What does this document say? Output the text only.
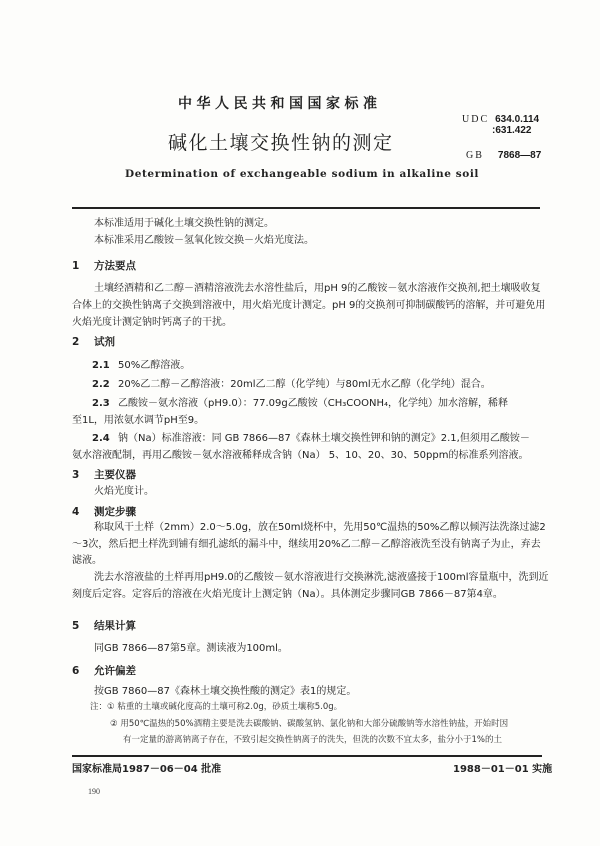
中华人民共和国国家标准
碱化土壤交换性钠的测定
Determination of exchangeable sodium in alkaline soil
UDC 634.0.114
:631.422
GB 7868—87
本标准适用于碱化土壤交换性钠的测定。
本标准采用乙酸铵－氢氧化铵交换－火焰光度法。
1 方法要点
土壤经酒精和乙二醇－酒精溶液洗去水溶性盐后，用pH 9的乙酸铵－氨水溶液作交换剂,把土壤吸收复合体上的交换性钠离子交换到溶液中，用火焰光度计测定。pH 9的交换剂可抑制碳酸钙的溶解，并可避免用火焰光度计测定钠时钙离子的干扰。
2 试剂
2.1 50%乙醇溶液。
2.2 20%乙二醇－乙醇溶液：20ml乙二醇（化学纯）与80ml无水乙醇（化学纯）混合。
2.3 乙酸铵－氨水溶液（pH9.0）：77.09g乙酸铵（CH₃COONH₄，化学纯）加水溶解，稀释
至1L，用浓氨水调节pH至9。
2.4 钠（Na）标准溶液：同 GB 7866—87《森林土壤交换性钾和钠的测定》2.1,但须用乙酸铵－
氨水溶液配制，再用乙酸铵－氨水溶液稀释成含钠（Na） 5、10、20、30、50ppm的标准系列溶液。
3 主要仪器
火焰光度计。
4 测定步骤
称取风干土样（2mm）2.0～5.0g，放在50ml烧杯中，先用50℃温热的50%乙醇以倾泻法洗涤过滤2～3次，然后把土样洗到铺有细孔滤纸的漏斗中，继续用20%乙二醇－乙醇溶液洗至没有钠离子为止，弃去滤液。
洗去水溶液盐的土样再用pH9.0的乙酸铵－氨水溶液进行交换淋洗,滤液盛接于100ml容量瓶中，洗到近刻度后定容。定容后的溶液在火焰光度计上测定钠（Na）。具体测定步骤同GB 7866－87第4章。
5 结果计算
同GB 7866—87第5章。测读液为100ml。
6 允许偏差
按GB 7860—87《森林土壤交换性酸的测定》表1的规定。
注：① 粘重的土壤或碱化度高的土壤可称2.0g，砂质土壤称5.0g。
② 用50℃温热的50%酒精主要是洗去碳酸钠、碳酸氢钠、氯化钠和大部分硫酸钠等水溶性钠盐，开始时因
有一定量的游离钠离子存在，不致引起交换性钠离子的洗失，但洗的次数不宜太多，盐分小于1%的土
国家标准局1987－06－04 批准	1988－01－01 实施
190
